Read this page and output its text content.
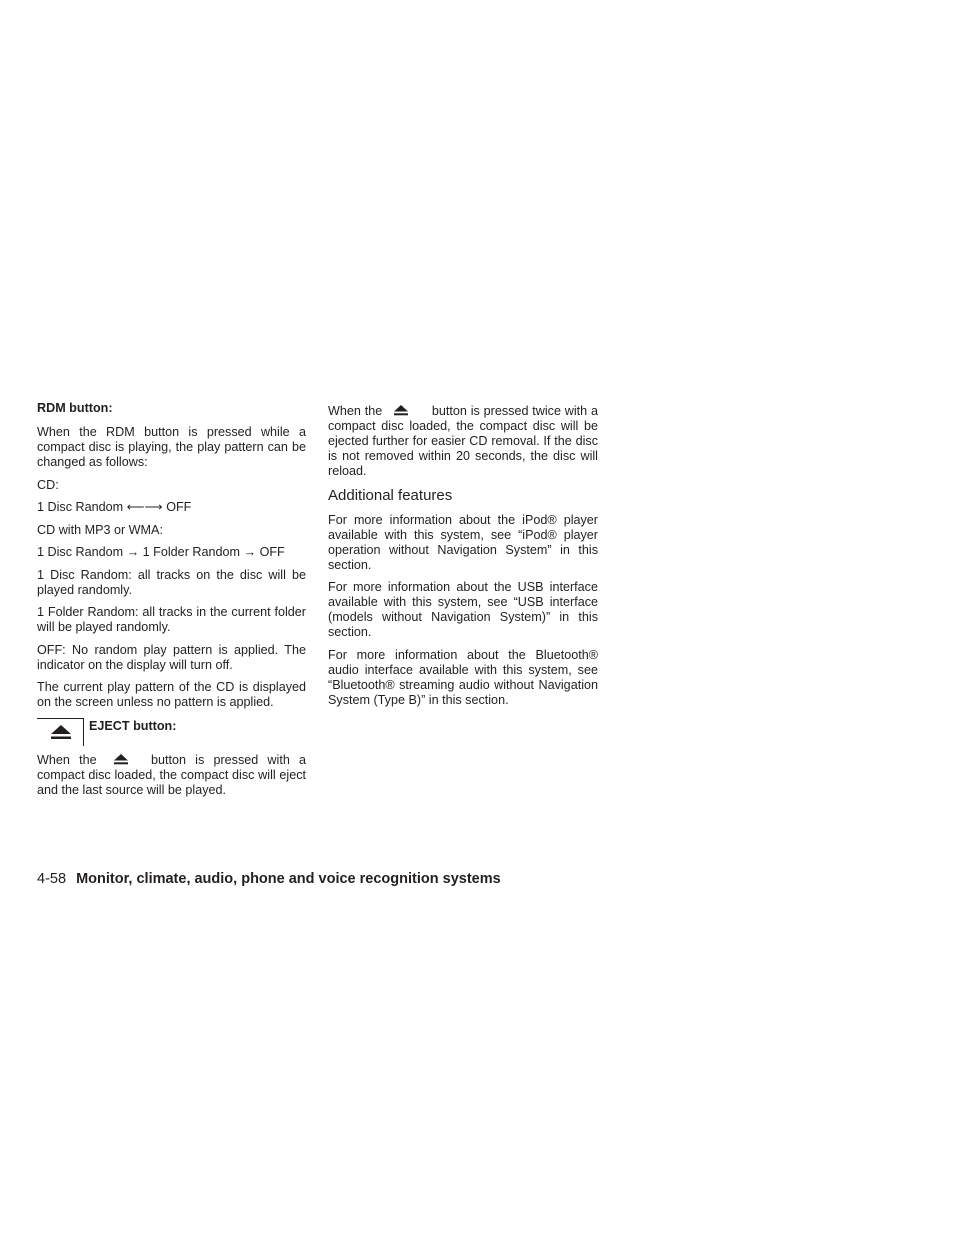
RDM button:

When the RDM button is pressed while a compact disc is playing, the play pattern can be changed as follows:

CD:

1 Disc Random ⟵⟶ OFF

CD with MP3 or WMA:

1 Disc Random → 1 Folder Random → OFF

1 Disc Random: all tracks on the disc will be played randomly.

1 Folder Random: all tracks in the current folder will be played randomly.

OFF: No random play pattern is applied. The indicator on the display will turn off.

The current play pattern of the CD is displayed on the screen unless no pattern is applied.

EJECT button:

When the	button is pressed with a compact disc loaded, the compact disc will eject and the last source will be played.

When the	button is pressed twice with a compact disc loaded, the compact disc will be ejected further for easier CD removal. If the disc is not removed within 20 seconds, the disc will reload.

Additional features

For more information about the iPod® player available with this system, see “iPod® player operation without Navigation System” in this section.

For more information about the USB interface available with this system, see “USB interface (models without Navigation System)” in this section.

For more information about the Bluetooth® audio interface available with this system, see “Bluetooth® streaming audio without Navigation System (Type B)” in this section.

4-58 Monitor, climate, audio, phone and voice recognition systems
